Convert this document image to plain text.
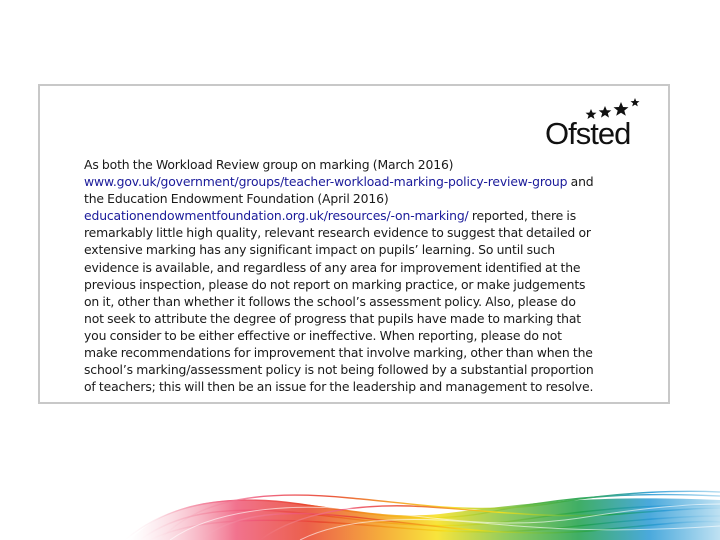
Ofsted
As both the Workload Review group on marking (March 2016)
www.gov.uk/government/groups/teacher-workload-marking-policy-review-group and
the Education Endowment Foundation (April 2016)
educationendowmentfoundation.org.uk/resources/-on-marking/ reported, there is
remarkably little high quality, relevant research evidence to suggest that detailed or
extensive marking has any significant impact on pupils’ learning. So until such
evidence is available, and regardless of any area for improvement identified at the
previous inspection, please do not report on marking practice, or make judgements
on it, other than whether it follows the school’s assessment policy. Also, please do
not seek to attribute the degree of progress that pupils have made to marking that
you consider to be either effective or ineffective. When reporting, please do not
make recommendations for improvement that involve marking, other than when the
school’s marking/assessment policy is not being followed by a substantial proportion
of teachers; this will then be an issue for the leadership and management to resolve.
